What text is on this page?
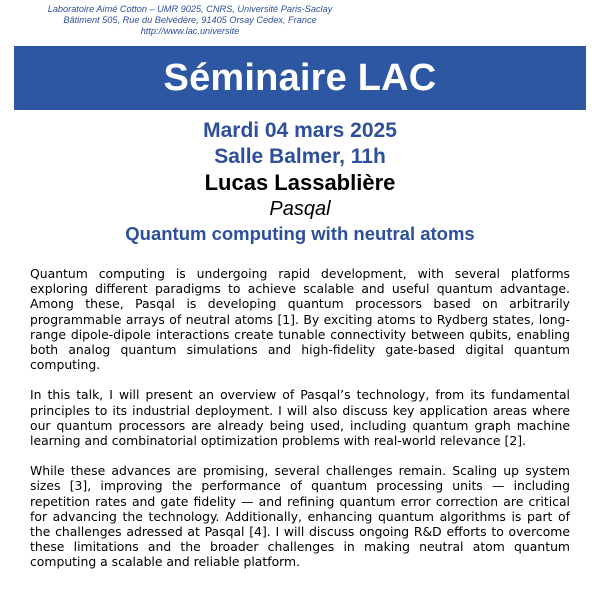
Laboratoire Aimé Cotton – UMR 9025, CNRS, Université Paris-Saclay
Bâtiment 505, Rue du Belvédère, 91405 Orsay Cedex, France
http://www.lac.universite
Séminaire LAC
Mardi 04 mars 2025
Salle Balmer, 11h
Lucas Lassablière
Pasqal
Quantum computing with neutral atoms

Quantum computing is undergoing rapid development, with several platforms exploring different paradigms to achieve scalable and useful quantum advantage. Among these, Pasqal is developing quantum processors based on arbitrarily programmable arrays of neutral atoms [1]. By exciting atoms to Rydberg states, long-range dipole-dipole interactions create tunable connectivity between qubits, enabling both analog quantum simulations and high-fidelity gate-based digital quantum computing.

In this talk, I will present an overview of Pasqal’s technology, from its fundamental principles to its industrial deployment. I will also discuss key application areas where our quantum processors are already being used, including quantum graph machine learning and combinatorial optimization problems with real-world relevance [2].

While these advances are promising, several challenges remain. Scaling up system sizes [3], improving the performance of quantum processing units — including repetition rates and gate fidelity — and refining quantum error correction are critical for advancing the technology. Additionally, enhancing quantum algorithms is part of the challenges adressed at Pasqal [4]. I will discuss ongoing R&D efforts to overcome these limitations and the broader challenges in making neutral atom quantum computing a scalable and reliable platform.
